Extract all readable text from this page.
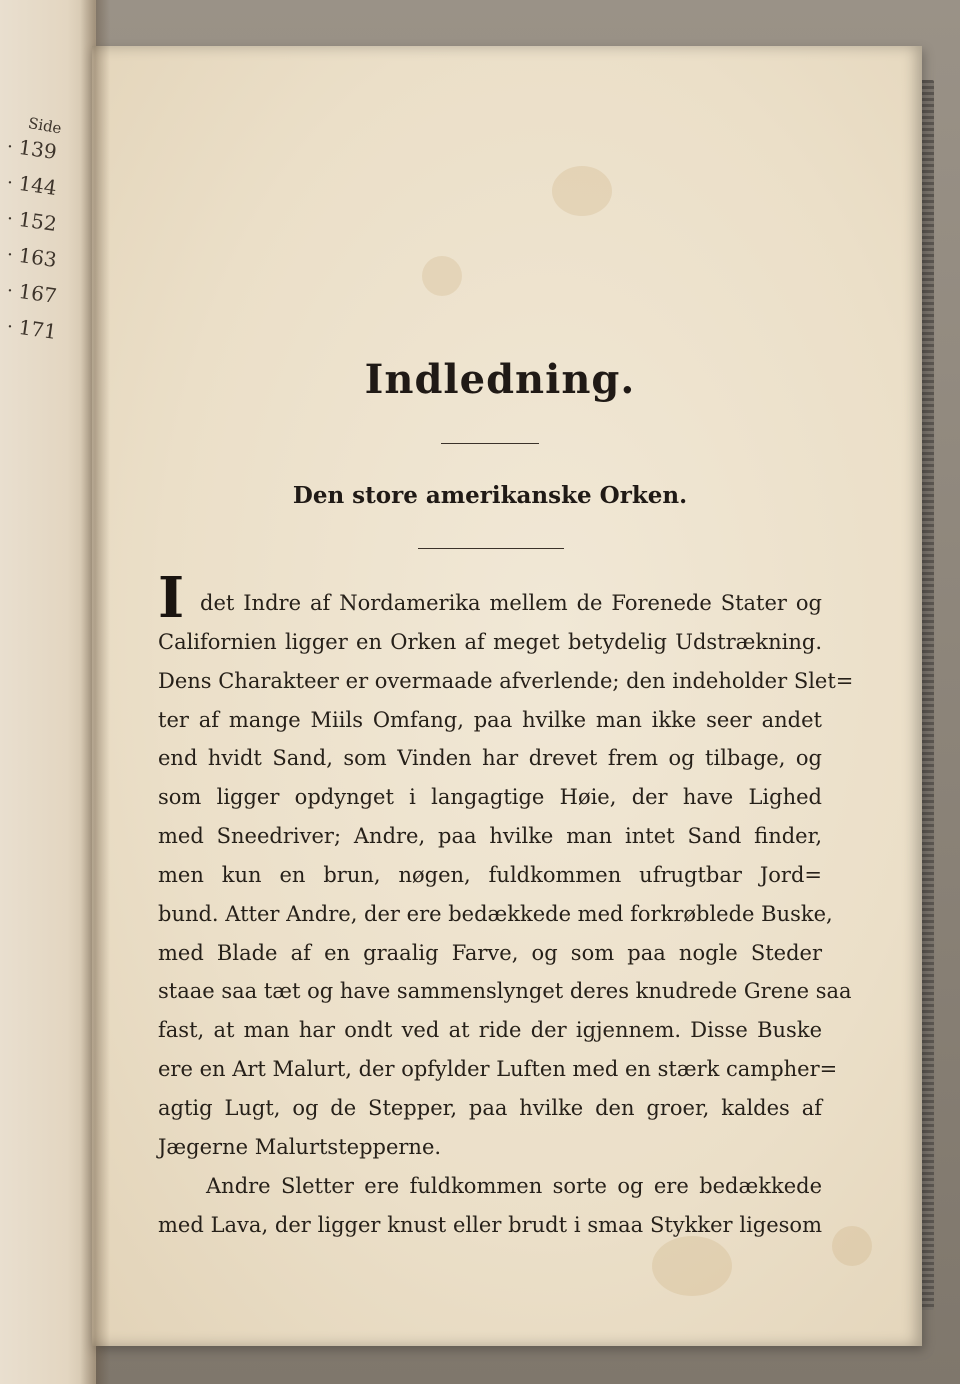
Side
· 139
· 144
· 152
· 163
· 167
· 171
Indledning.
Den store amerikanske Orken.
I det Indre af Nordamerika mellem de Forenede Stater og
Californien ligger en Orken af meget betydelig Udstrækning.
Dens Charakteer er overmaade afverlende; den indeholder Slet=
ter af mange Miils Omfang, paa hvilke man ikke seer andet
end hvidt Sand, som Vinden har drevet frem og tilbage, og
som ligger opdynget i langagtige Høie, der have Lighed
med Sneedriver; Andre, paa hvilke man intet Sand finder,
men kun en brun, nøgen, fuldkommen ufrugtbar Jord=
bund. Atter Andre, der ere bedækkede med forkrøblede Buske,
med Blade af en graalig Farve, og som paa nogle Steder
staae saa tæt og have sammenslynget deres knudrede Grene saa
fast, at man har ondt ved at ride der igjennem. Disse Buske
ere en Art Malurt, der opfylder Luften med en stærk campher=
agtig Lugt, og de Stepper, paa hvilke den groer, kaldes af
Jægerne Malurtstepperne.
Andre Sletter ere fuldkommen sorte og ere bedækkede
med Lava, der ligger knust eller brudt i smaa Stykker ligesom
